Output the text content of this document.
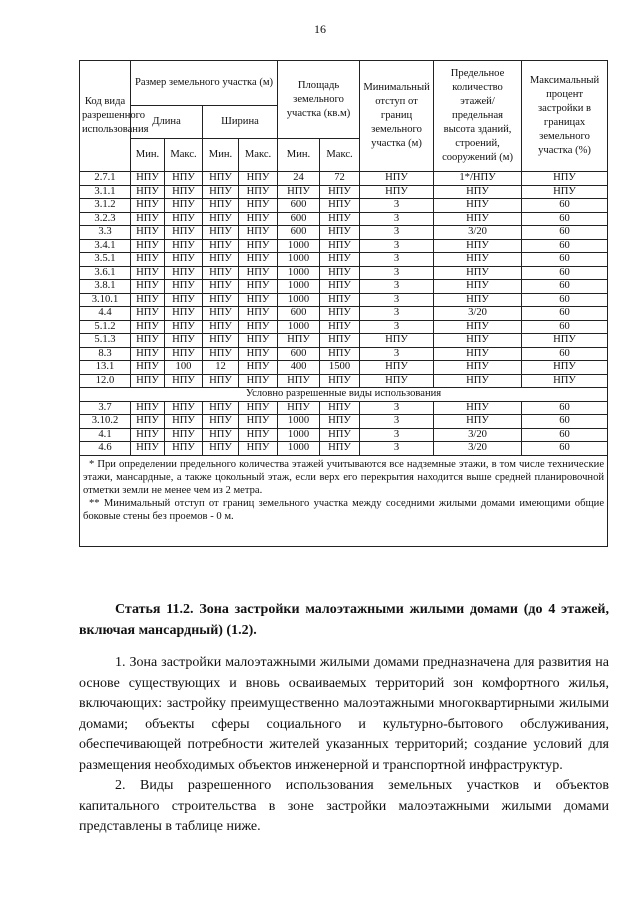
16
Код вида разрешенного использования	Размер земельного участка (м)				Площадь земельного участка (кв.м)		Минимальный отступ от границ земельного участка (м)	Предельное количество этажей/ предельная высота зданий, строений, сооружений (м)	Максимальный процент застройки в границах земельного участка (%)
	Длина		Ширина						
	Мин.	Макс.	Мин.	Макс.	Мин.	Макс.			
2.7.1	НПУ	НПУ	НПУ	НПУ	24	72	НПУ	1*/НПУ	НПУ
3.1.1	НПУ	НПУ	НПУ	НПУ	НПУ	НПУ	НПУ	НПУ	НПУ
3.1.2	НПУ	НПУ	НПУ	НПУ	600	НПУ	3	НПУ	60
3.2.3	НПУ	НПУ	НПУ	НПУ	600	НПУ	3	НПУ	60
3.3	НПУ	НПУ	НПУ	НПУ	600	НПУ	3	3/20	60
3.4.1	НПУ	НПУ	НПУ	НПУ	1000	НПУ	3	НПУ	60
3.5.1	НПУ	НПУ	НПУ	НПУ	1000	НПУ	3	НПУ	60
3.6.1	НПУ	НПУ	НПУ	НПУ	1000	НПУ	3	НПУ	60
3.8.1	НПУ	НПУ	НПУ	НПУ	1000	НПУ	3	НПУ	60
3.10.1	НПУ	НПУ	НПУ	НПУ	1000	НПУ	3	НПУ	60
4.4	НПУ	НПУ	НПУ	НПУ	600	НПУ	3	3/20	60
5.1.2	НПУ	НПУ	НПУ	НПУ	1000	НПУ	3	НПУ	60
5.1.3	НПУ	НПУ	НПУ	НПУ	НПУ	НПУ	НПУ	НПУ	НПУ
8.3	НПУ	НПУ	НПУ	НПУ	600	НПУ	3	НПУ	60
13.1	НПУ	100	12	НПУ	400	1500	НПУ	НПУ	НПУ
12.0	НПУ	НПУ	НПУ	НПУ	НПУ	НПУ	НПУ	НПУ	НПУ
Условно разрешенные виды использования									
3.7	НПУ	НПУ	НПУ	НПУ	НПУ	НПУ	3	НПУ	60
3.10.2	НПУ	НПУ	НПУ	НПУ	1000	НПУ	3	НПУ	60
4.1	НПУ	НПУ	НПУ	НПУ	1000	НПУ	3	3/20	60
4.6	НПУ	НПУ	НПУ	НПУ	1000	НПУ	3	3/20	60

* При определении предельного количества этажей учитываются все надземные этажи, в том числе технические этажи, мансардные, а также цокольный этаж, если верх его перекрытия находится выше средней планировочной отметки земли не менее чем из 2 метра.

** Минимальный отступ от границ земельного участка между соседними жилыми домами имеющими общие боковые стены без проемов - 0 м.									

Статья 11.2. Зона застройки малоэтажными жилыми домами (до 4 этажей, включая мансардный) (1.2).

1. Зона застройки малоэтажными жилыми домами предназначена для развития на основе существующих и вновь осваиваемых территорий зон комфортного жилья, включающих: застройку преимущественно малоэтажными многоквартирными жилыми домами; объекты сферы социального и культурно-бытового обслуживания, обеспечивающей потребности жителей указанных территорий; создание условий для размещения необходимых объектов инженерной и транспортной инфраструктур.

2. Виды разрешенного использования земельных участков и объектов капитального строительства в зоне застройки малоэтажными жилыми домами представлены в таблице ниже.
